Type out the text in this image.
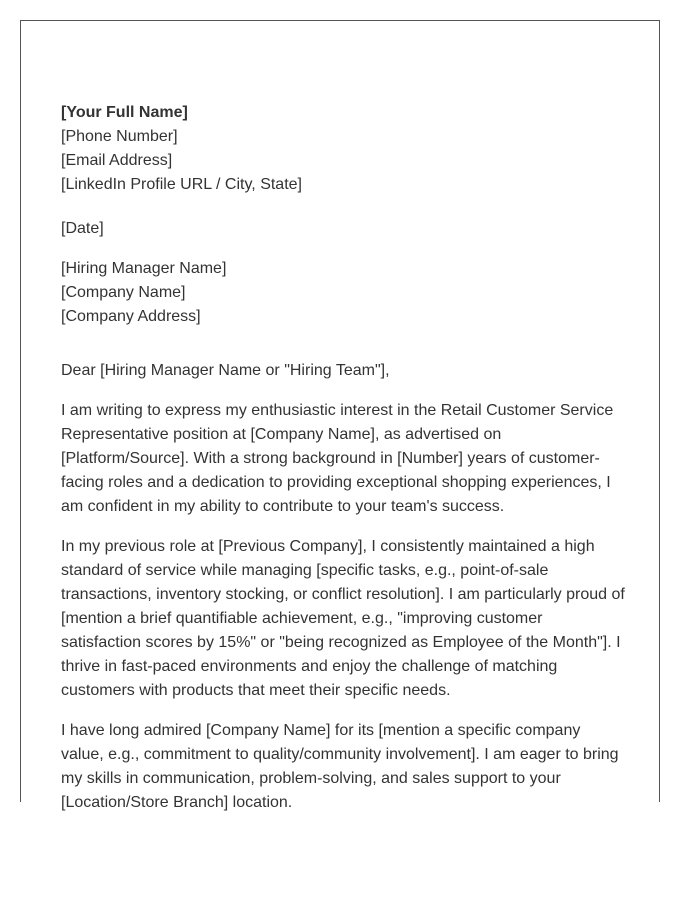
[Your Full Name]
[Phone Number]
[Email Address]
[LinkedIn Profile URL / City, State]
[Date]
[Hiring Manager Name]
[Company Name]
[Company Address]
Dear [Hiring Manager Name or "Hiring Team"],

I am writing to express my enthusiastic interest in the Retail Customer Service Representative position at [Company Name], as advertised on [Platform/Source]. With a strong background in [Number] years of customer-facing roles and a dedication to providing exceptional shopping experiences, I am confident in my ability to contribute to your team's success.

In my previous role at [Previous Company], I consistently maintained a high standard of service while managing [specific tasks, e.g., point-of-sale transactions, inventory stocking, or conflict resolution]. I am particularly proud of [mention a brief quantifiable achievement, e.g., "improving customer satisfaction scores by 15%" or "being recognized as Employee of the Month"]. I thrive in fast-paced environments and enjoy the challenge of matching customers with products that meet their specific needs.

I have long admired [Company Name] for its [mention a specific company value, e.g., commitment to quality/community involvement]. I am eager to bring my skills in communication, problem-solving, and sales support to your [Location/Store Branch] location.
